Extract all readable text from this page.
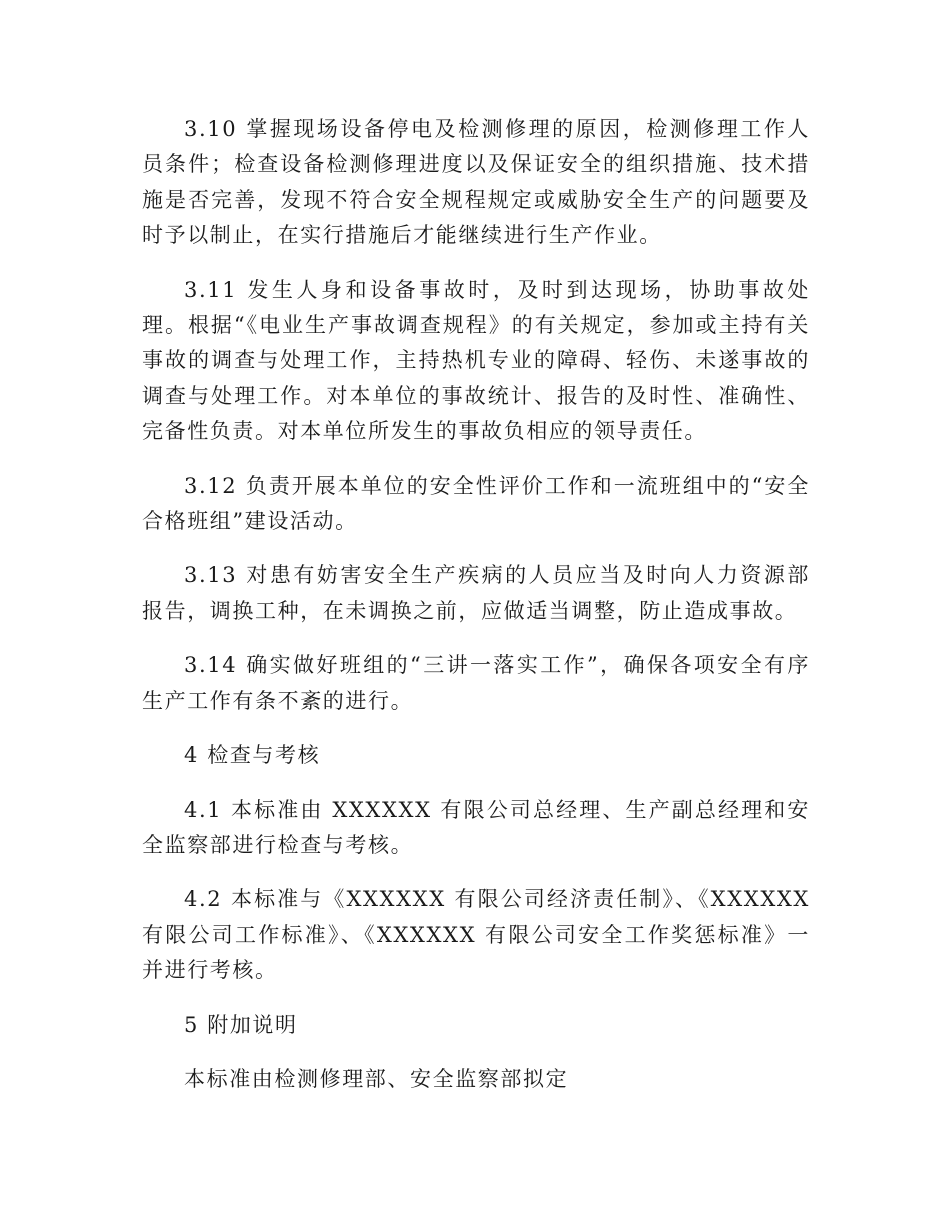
3.10 掌握现场设备停电及检测修理的原因，检测修理工作人员条件；检查设备检测修理进度以及保证安全的组织措施、技术措施是否完善，发现不符合安全规程规定或威胁安全生产的问题要及时予以制止，在实行措施后才能继续进行生产作业。

3.11 发生人身和设备事故时，及时到达现场，协助事故处理。根据“《电业生产事故调查规程》的有关规定，参加或主持有关事故的调查与处理工作，主持热机专业的障碍、轻伤、未遂事故的调查与处理工作。对本单位的事故统计、报告的及时性、准确性、完备性负责。对本单位所发生的事故负相应的领导责任。

3.12 负责开展本单位的安全性评价工作和一流班组中的“安全合格班组”建设活动。

3.13 对患有妨害安全生产疾病的人员应当及时向人力资源部报告，调换工种，在未调换之前，应做适当调整，防止造成事故。

3.14 确实做好班组的“三讲一落实工作”，确保各项安全有序生产工作有条不紊的进行。

4 检查与考核

4.1 本标准由 XXXXXX 有限公司总经理、生产副总经理和安全监察部进行检查与考核。

4.2 本标准与《XXXXXX 有限公司经济责任制》、《XXXXXX 有限公司工作标准》、《XXXXXX 有限公司安全工作奖惩标准》一并进行考核。

5 附加说明

本标准由检测修理部、安全监察部拟定
